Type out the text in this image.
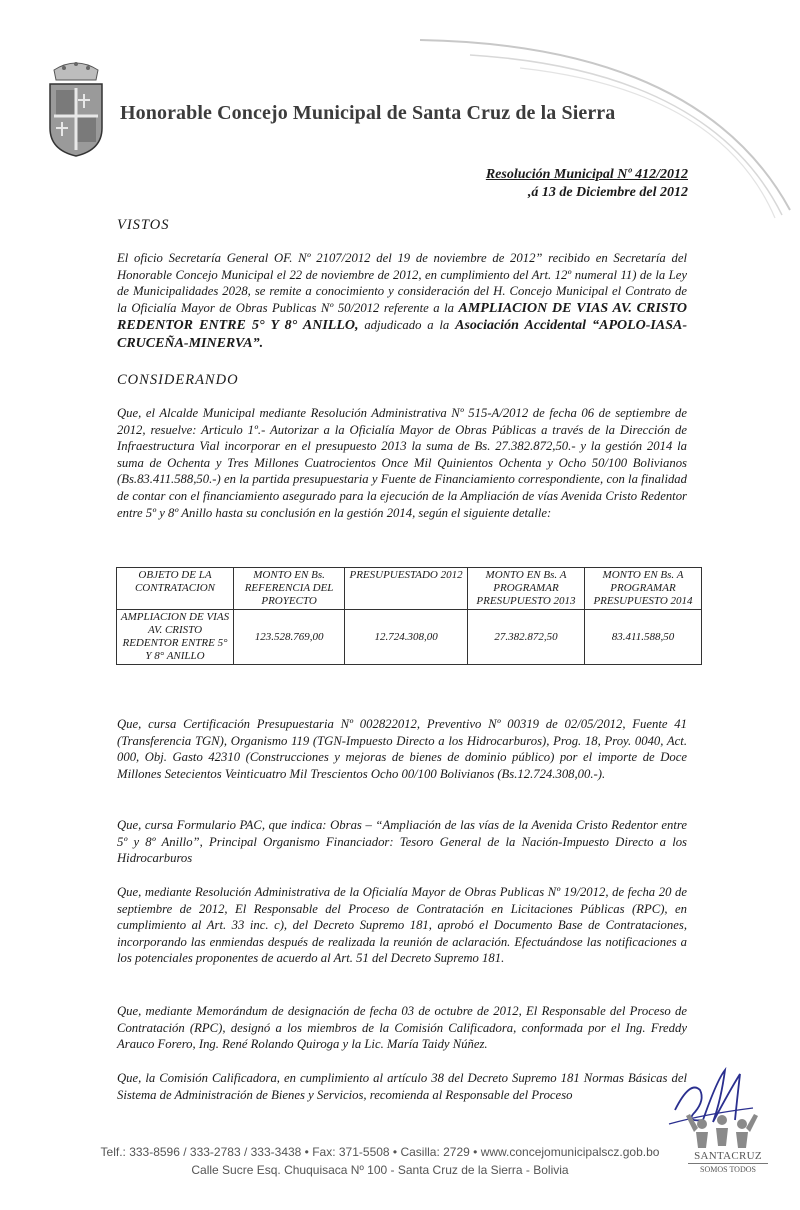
Honorable Concejo Municipal de Santa Cruz de la Sierra
Resolución Municipal Nº 412/2012
,á 13 de Diciembre del 2012
VISTOS
El oficio Secretaría General OF. Nº 2107/2012 del 19 de noviembre de 2012” recibido en Secretaría del Honorable Concejo Municipal el 22 de noviembre de 2012, en cumplimiento del Art. 12º numeral 11) de la Ley de Municipalidades 2028, se remite a conocimiento y consideración del H. Concejo Municipal el Contrato de la Oficialía Mayor de Obras Publicas Nº 50/2012 referente a la AMPLIACION DE VIAS AV. CRISTO REDENTOR ENTRE 5° Y 8° ANILLO, adjudicado a la Asociación Accidental “APOLO-IASA-CRUCEÑA-MINERVA”.
CONSIDERANDO
Que, el Alcalde Municipal mediante Resolución Administrativa Nº 515-A/2012 de fecha 06 de septiembre de 2012, resuelve: Articulo 1º.- Autorizar a la Oficialía Mayor de Obras Públicas a través de la Dirección de Infraestructura Vial incorporar en el presupuesto 2013 la suma de Bs. 27.382.872,50.- y la gestión 2014 la suma de Ochenta y Tres Millones Cuatrocientos Once Mil Quinientos Ochenta y Ocho 50/100 Bolivianos (Bs.83.411.588,50.-) en la partida presupuestaria y Fuente de Financiamiento correspondiente, con la finalidad de contar con el financiamiento asegurado para la ejecución de la Ampliación de vías Avenida Cristo Redentor entre 5º y 8º Anillo hasta su conclusión en la gestión 2014, según el siguiente detalle:
OBJETO DE LA CONTRATACION	MONTO EN Bs. REFERENCIA DEL PROYECTO	PRESUPUESTADO 2012	MONTO EN Bs. A PROGRAMAR PRESUPUESTO 2013	MONTO EN Bs. A PROGRAMAR PRESUPUESTO 2014
AMPLIACION DE VIAS AV. CRISTO REDENTOR ENTRE 5° Y 8° ANILLO	123.528.769,00	12.724.308,00	27.382.872,50	83.411.588,50
Que, cursa Certificación Presupuestaria Nº 002822012, Preventivo Nº 00319 de 02/05/2012, Fuente 41 (Transferencia TGN), Organismo 119 (TGN-Impuesto Directo a los Hidrocarburos), Prog. 18, Proy. 0040, Act. 000, Obj. Gasto 42310 (Construcciones y mejoras de bienes de dominio público) por el importe de Doce Millones Setecientos Veinticuatro Mil Trescientos Ocho 00/100 Bolivianos (Bs.12.724.308,00.-).
Que, cursa Formulario PAC, que indica: Obras – “Ampliación de las vías de la Avenida Cristo Redentor entre 5º y 8º Anillo”, Principal Organismo Financiador: Tesoro General de la Nación-Impuesto Directo a los Hidrocarburos
Que, mediante Resolución Administrativa de la Oficialía Mayor de Obras Publicas Nº 19/2012, de fecha 20 de septiembre de 2012, El Responsable del Proceso de Contratación en Licitaciones Públicas (RPC), en cumplimiento al Art. 33 inc. c), del Decreto Supremo 181, aprobó el Documento Base de Contrataciones, incorporando las enmiendas después de realizada la reunión de aclaración. Efectuándose las notificaciones a los potenciales proponentes de acuerdo al Art. 51 del Decreto Supremo 181.
Que, mediante Memorándum de designación de fecha 03 de octubre de 2012, El Responsable del Proceso de Contratación (RPC), designó a los miembros de la Comisión Calificadora, conformada por el Ing. Freddy Arauco Forero, Ing. René Rolando Quiroga y la Lic. María Taidy Núñez.
Que, la Comisión Calificadora, en cumplimiento al artículo 38 del Decreto Supremo 181 Normas Básicas del Sistema de Administración de Bienes y Servicios, recomienda al Responsable del Proceso
Telf.: 333-8596 / 333-2783 / 333-3438 • Fax: 371-5508 • Casilla: 2729 • www.concejomunicipalscz.gob.bo
Calle Sucre Esq. Chuquisaca Nº 100 - Santa Cruz de la Sierra - Bolivia
SANTACRUZ
SOMOS TODOS
